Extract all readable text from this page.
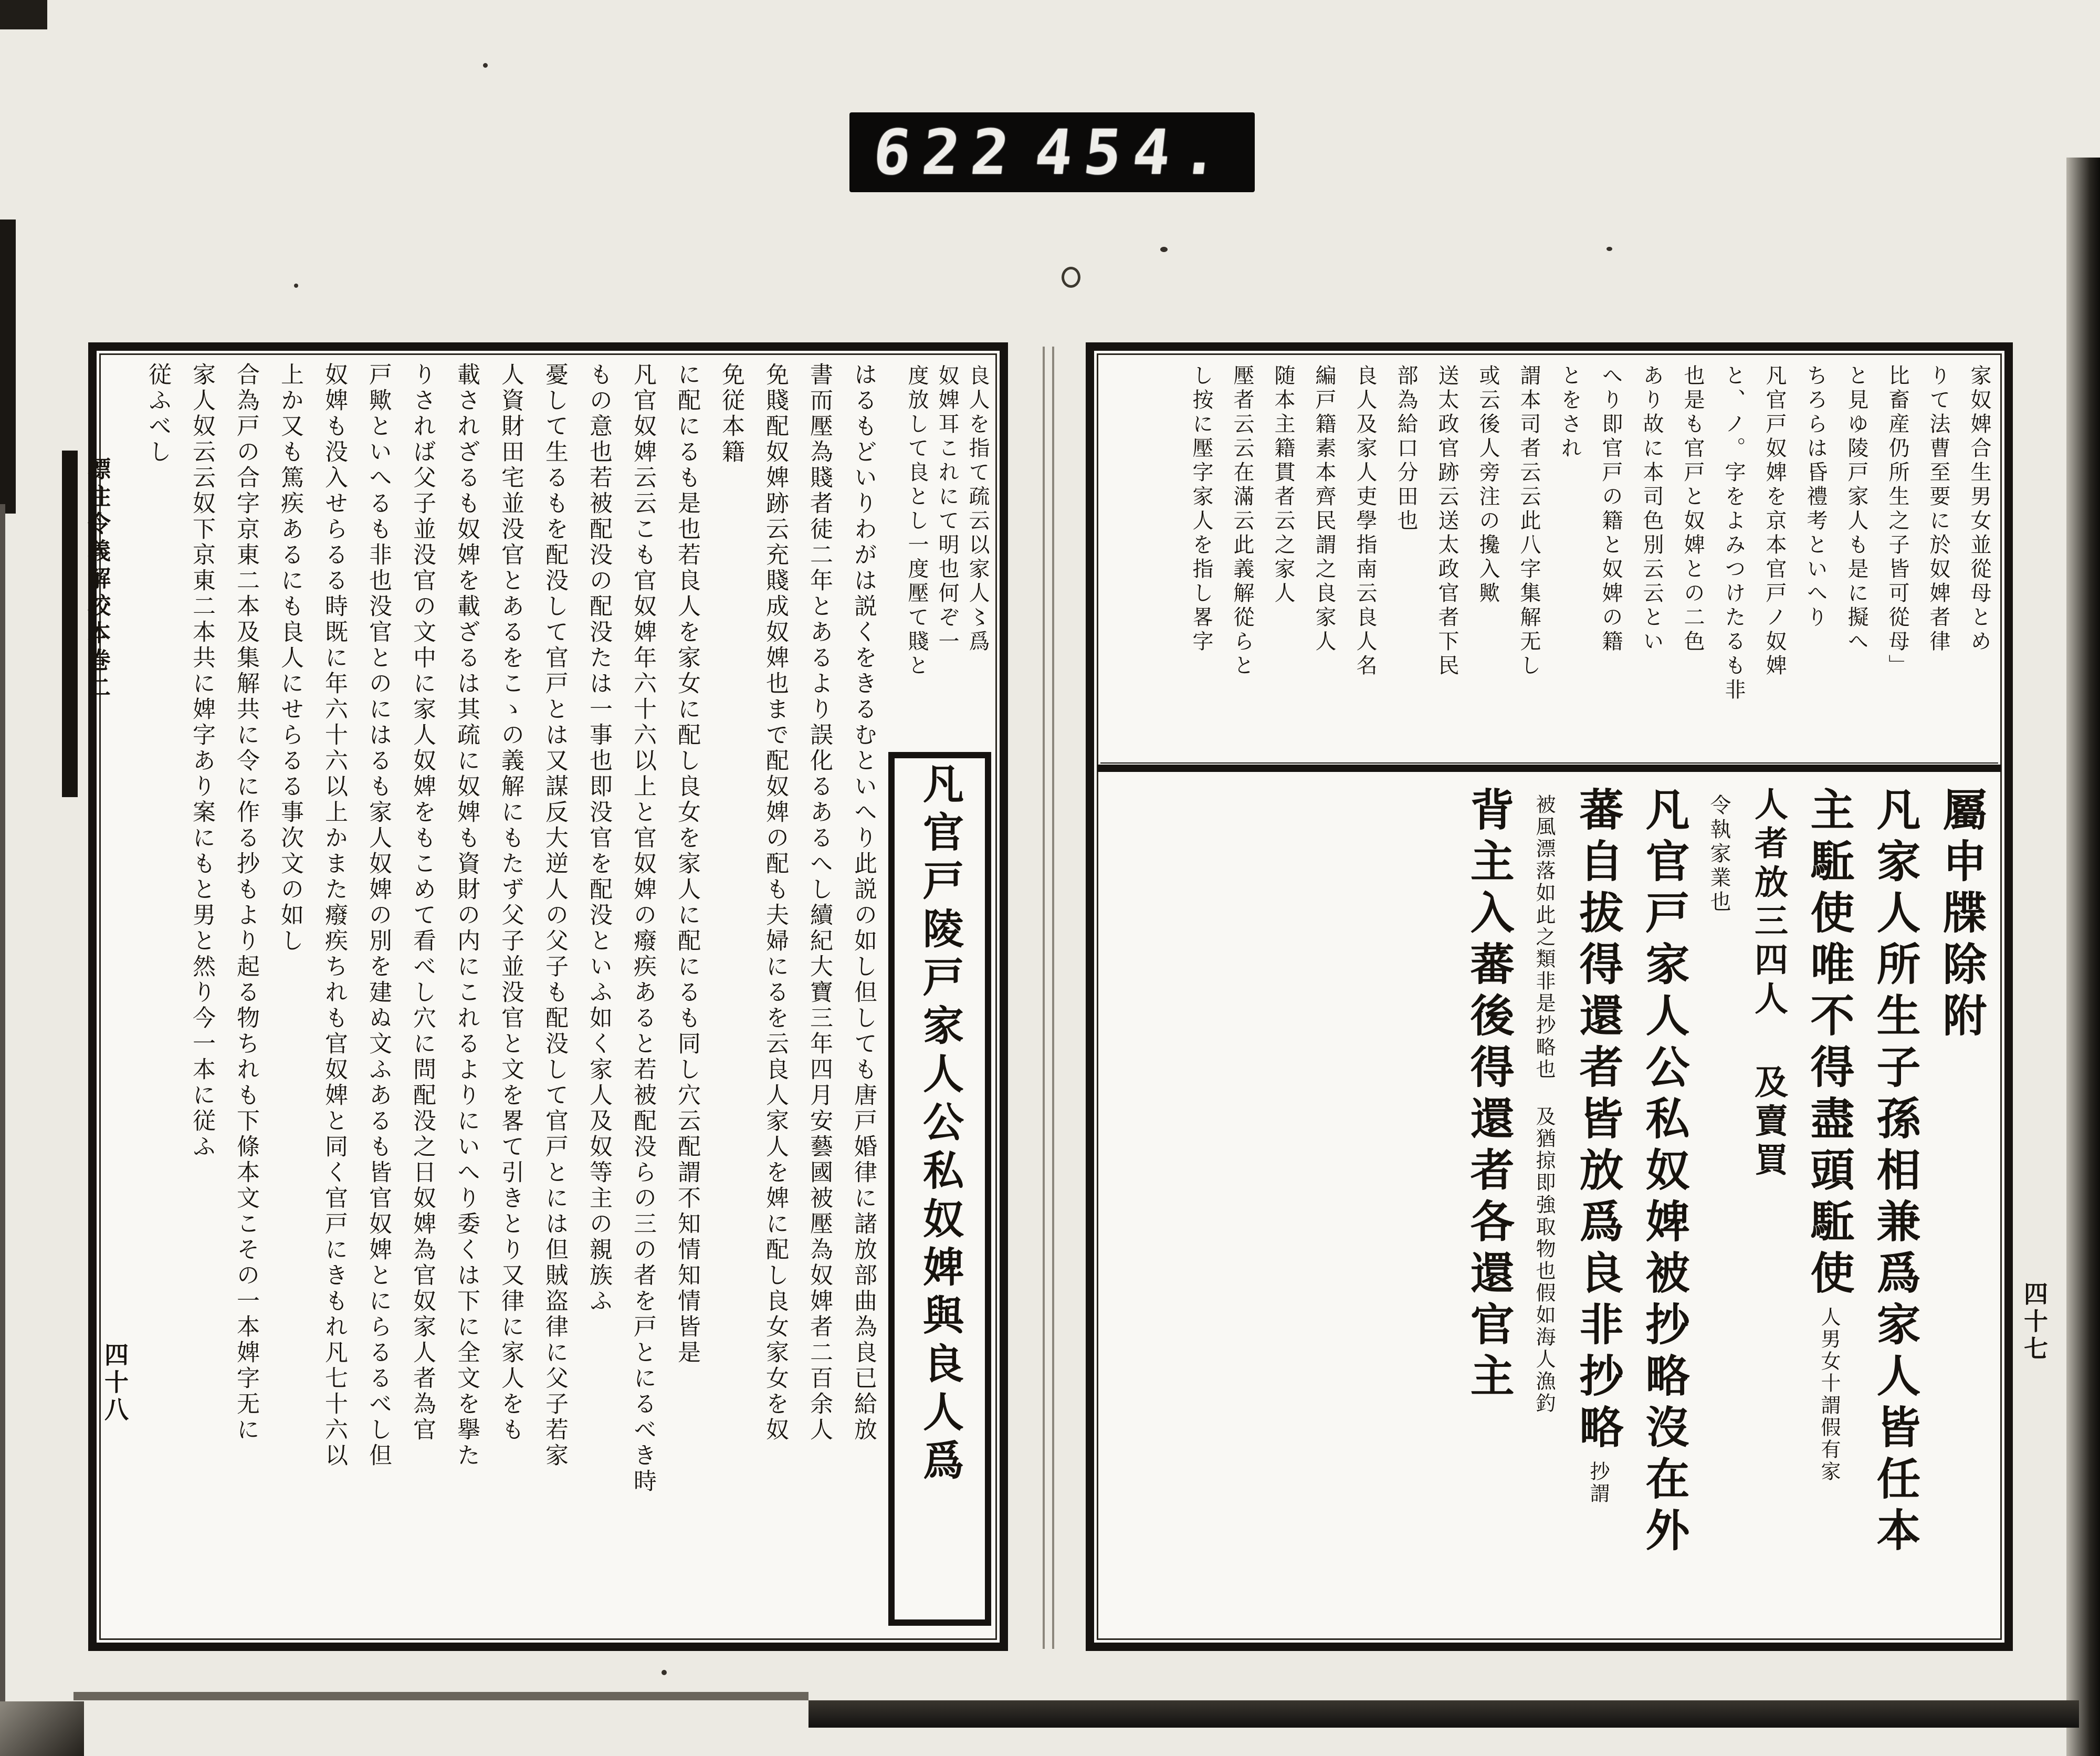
622 454.
良人を指て疏云以家人〻爲
奴婢耳これにて明也何ぞ一
度放して良とし一度壓て賤と
凡官戸陵戸家人公私奴婢與良人爲
はるもどいりわがは説くをきるむといへり此説の如し但しても唐戸婚律に諸放部曲為良已給放
書而壓為賤者徒二年とあるより誤化るあるへし續紀大寶三年四月安藝國被壓為奴婢者二百余人
免賤配奴婢跡云充賤成奴婢也まで配奴婢の配も夫婦にるを云良人家人を婢に配し良女家女を奴
免従本籍
に配にるも是也若良人を家女に配し良女を家人に配にるも同し穴云配謂不知情知情皆是
凡官奴婢云云こも官奴婢年六十六以上と官奴婢の癈疾あると若被配没らの三の者を戸とにるべき時
もの意也若被配没の配没たは一事也即没官を配没といふ如く家人及奴等主の親族ふ
憂して生るもを配没して官戸とは又謀反大逆人の父子も配没して官戸とには但賊盗律に父子若家
人資財田宅並没官とあるをこゝの義解にもたず父子並没官と文を畧て引きとり又律に家人をも
載されざるも奴婢を載ざるは其疏に奴婢も資財の内にこれるよりにいへり委くは下に全文を擧た
りされば父子並没官の文中に家人奴婢をもこめて看べし穴に問配没之日奴婢為官奴家人者為官
戸歟といへるも非也没官とのにはるも家人奴婢の別を建ぬ文ふあるも皆官奴婢とにらるるべし但
奴婢も没入せらるる時既に年六十六以上かまた癈疾ちれも官奴婢と同く官戸にきもれ凡七十六以
上か又も篤疾あるにも良人にせらるる事次文の如し
合為戸の合字京東二本及集解共に令に作る抄もより起る物ちれも下條本文こその一本婢字无に
家人奴云云奴下京東二本共に婢字あり案にもと男と然り今一本に従ふ
従ふべし	家奴婢合生男女並從母とめ
りて法曹至要に於奴婢者律
比畜産仍所生之子皆可從母」
と見ゆ陵戸家人も是に擬へ
ちろらは昏禮考といへり
凡官戸奴婢を京本官戸ノ奴婢
と、ノ。字をよみつけたるも非
也是も官戸と奴婢との二色
あり故に本司色別云云とい
へり即官戸の籍と奴婢の籍
とをされ
謂本司者云云此八字集解无し
或云後人旁注の攙入歟
送太政官跡云送太政官者下民
部為給口分田也
良人及家人吏學指南云良人名
編戸籍素本齊民謂之良家人
随本主籍貫者云之家人
壓者云云在滿云此義解從らと
し按に壓字家人を指し畧字
屬申牒除附
凡家人所生子孫相兼爲家人皆任本
主駈使唯不得盡頭駈使
謂假有家
人男女十
人者放三四人 及賣買
令執家業也
凡官戸家人公私奴婢被抄略沒在外
蕃自拔得還者皆放爲良非抄略
謂
抄
猶掠即強取物也假如海人漁釣
被風漂落如此之類非是抄略也 及
背主入蕃後得還者各還官主
標注令義解校本巻二
四十八
四十七
